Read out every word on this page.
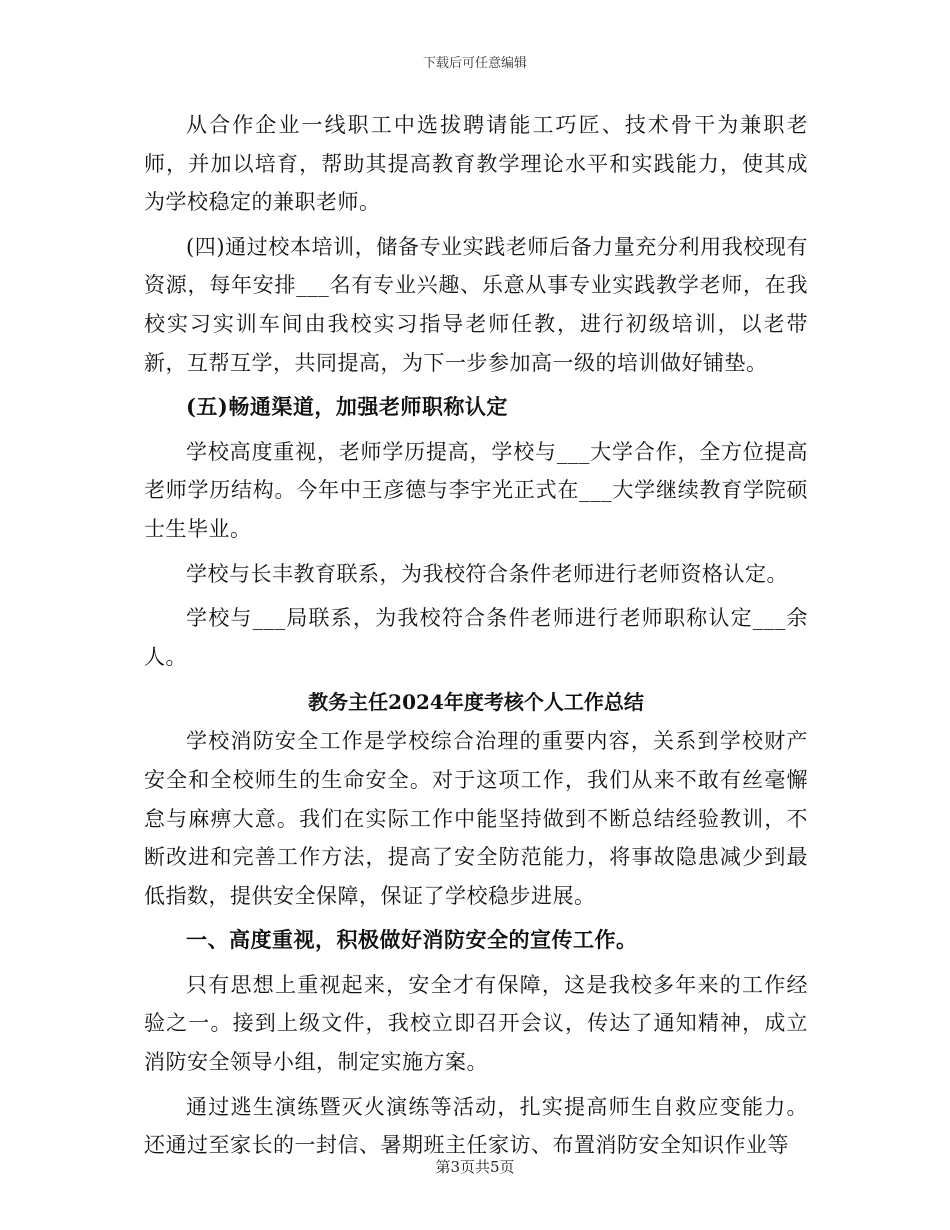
下载后可任意编辑

从合作企业一线职工中选拔聘请能工巧匠、技术骨干为兼职老师，并加以培育，帮助其提高教育教学理论水平和实践能力，使其成为学校稳定的兼职老师。

(四)通过校本培训，储备专业实践老师后备力量充分利用我校现有资源，每年安排___名有专业兴趣、乐意从事专业实践教学老师，在我校实习实训车间由我校实习指导老师任教，进行初级培训，以老带新，互帮互学，共同提高，为下一步参加高一级的培训做好铺垫。

(五)畅通渠道，加强老师职称认定

学校高度重视，老师学历提高，学校与___大学合作，全方位提高老师学历结构。今年中王彦德与李宇光正式在___大学继续教育学院硕士生毕业。

学校与长丰教育联系，为我校符合条件老师进行老师资格认定。

学校与___局联系，为我校符合条件老师进行老师职称认定___余人。

教务主任2024年度考核个人工作总结

学校消防安全工作是学校综合治理的重要内容，关系到学校财产安全和全校师生的生命安全。对于这项工作，我们从来不敢有丝毫懈怠与麻痹大意。我们在实际工作中能坚持做到不断总结经验教训，不断改进和完善工作方法，提高了安全防范能力，将事故隐患减少到最低指数，提供安全保障，保证了学校稳步进展。

一、高度重视，积极做好消防安全的宣传工作。

只有思想上重视起来，安全才有保障，这是我校多年来的工作经验之一。接到上级文件，我校立即召开会议，传达了通知精神，成立消防安全领导小组，制定实施方案。

通过逃生演练暨灭火演练等活动，扎实提高师生自救应变能力。还通过至家长的一封信、暑期班主任家访、布置消防安全知识作业等

第3页共5页
